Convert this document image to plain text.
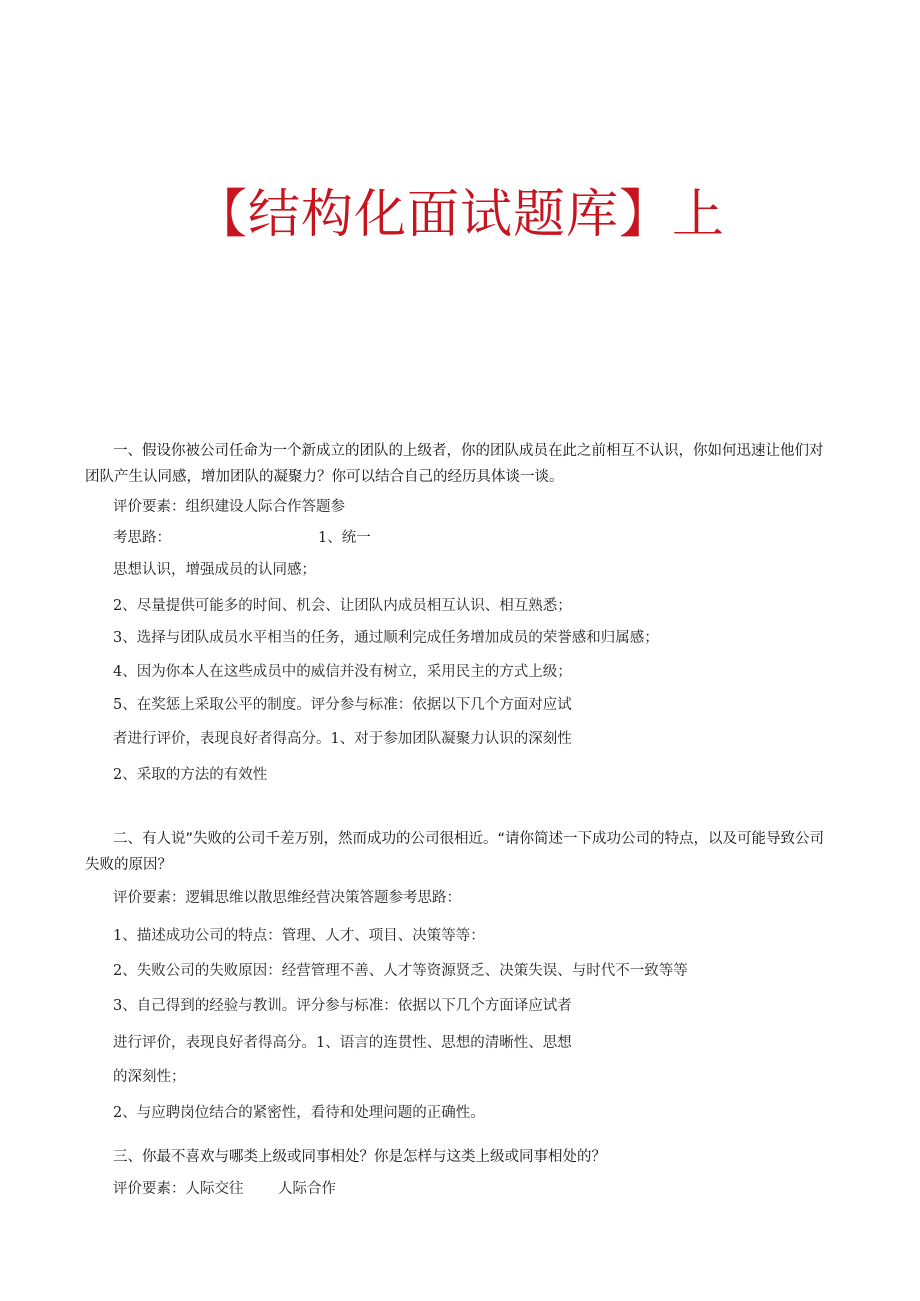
【结构化面试题库】上
一、假设你被公司任命为一个新成立的团队的上级者，你的团队成员在此之前相互不认识，你如何迅速让他们对团队产生认同感，增加团队的凝聚力？你可以结合自己的经历具体谈一谈。
评价要素：组织建设人际合作答题参
考思路：	1、统一
思想认识，增强成员的认同感；
2、尽量提供可能多的时间、机会、让团队内成员相互认识、相互熟悉；
3、选择与团队成员水平相当的任务，通过顺利完成任务增加成员的荣誉感和归属感；
4、因为你本人在这些成员中的威信并没有树立，采用民主的方式上级；
5、在奖惩上采取公平的制度。评分参与标准：依据以下几个方面对应试
者进行评价，表现良好者得高分。1、对于参加团队凝聚力认识的深刻性
2、采取的方法的有效性
二、有人说”失败的公司千差万别，然而成功的公司很相近。“请你简述一下成功公司的特点，以及可能导致公司失败的原因？
评价要素：逻辑思维以散思维经营决策答题参考思路：
1、描述成功公司的特点：管理、人才、项目、决策等等：
2、失败公司的失败原因：经营管理不善、人才等资源贤乏、决策失误、与时代不一致等等
3、自己得到的经验与教训。评分参与标准：依据以下几个方面译应试者
进行评价，表现良好者得高分。1、语言的连贯性、思想的清晰性、思想
的深刻性；
2、与应聘岗位结合的紧密性，看待和处理问题的正确性。
三、你最不喜欢与哪类上级或同事相处？你是怎样与这类上级或同事相处的？
评价要素：人际交往 人际合作
